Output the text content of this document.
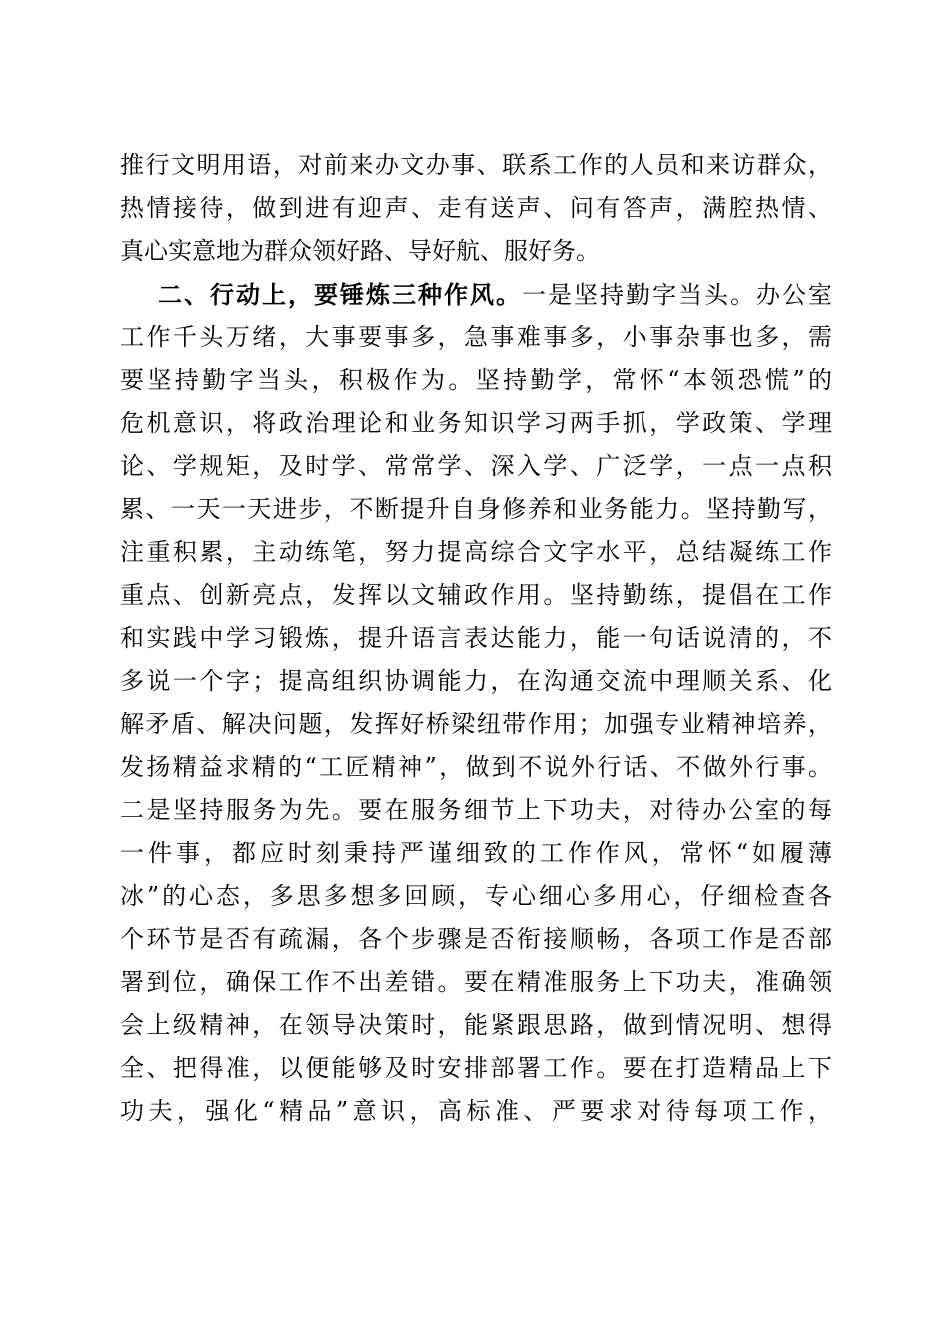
推行文明用语，对前来办文办事、联系工作的人员和来访群众，
热情接待，做到进有迎声、走有送声、问有答声，满腔热情、
真心实意地为群众领好路、导好航、服好务。
二、行动上，要锤炼三种作风。一是坚持勤字当头。办公室
工作千头万绪，大事要事多，急事难事多，小事杂事也多，需
要坚持勤字当头，积极作为。坚持勤学，常怀“本领恐慌”的
危机意识，将政治理论和业务知识学习两手抓，学政策、学理
论、学规矩，及时学、常常学、深入学、广泛学，一点一点积
累、一天一天进步，不断提升自身修养和业务能力。坚持勤写，
注重积累，主动练笔，努力提高综合文字水平，总结凝练工作
重点、创新亮点，发挥以文辅政作用。坚持勤练，提倡在工作
和实践中学习锻炼，提升语言表达能力，能一句话说清的，不
多说一个字；提高组织协调能力，在沟通交流中理顺关系、化
解矛盾、解决问题，发挥好桥梁纽带作用；加强专业精神培养，
发扬精益求精的“工匠精神”，做到不说外行话、不做外行事。
二是坚持服务为先。要在服务细节上下功夫，对待办公室的每
一件事，都应时刻秉持严谨细致的工作作风，常怀“如履薄
冰”的心态，多思多想多回顾，专心细心多用心，仔细检查各
个环节是否有疏漏，各个步骤是否衔接顺畅，各项工作是否部
署到位，确保工作不出差错。要在精准服务上下功夫，准确领
会上级精神，在领导决策时，能紧跟思路，做到情况明、想得
全、把得准，以便能够及时安排部署工作。要在打造精品上下
功夫，强化“精品”意识，高标准、严要求对待每项工作，
